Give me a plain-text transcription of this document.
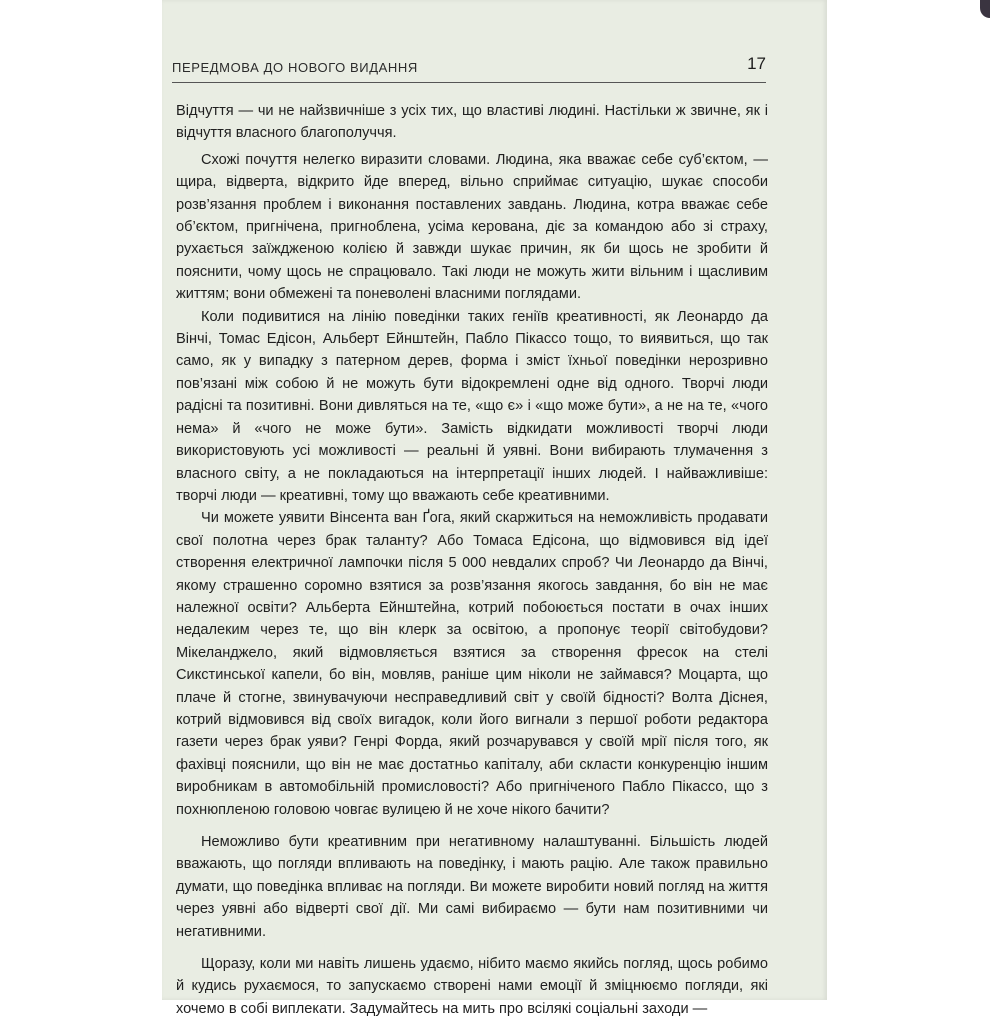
ПЕРЕДМОВА ДО НОВОГО ВИДАННЯ	17

Відчуття — чи не найзвичніше з усіх тих, що властиві людині. Настільки ж звичне, як і відчуття власного благополуччя.

Схожі почуття нелегко виразити словами. Людина, яка вважає себе суб’єктом, — щира, відверта, відкрито йде вперед, вільно сприймає ситуацію, шукає способи розв’язання проблем і виконання поставлених завдань. Людина, котра вважає себе об’єктом, пригнічена, пригноблена, усіма керована, діє за командою або зі страху, рухається заїждженою колією й завжди шукає причин, як би щось не зробити й пояснити, чому щось не спрацювало. Такі люди не можуть жити вільним і щасливим життям; вони обмежені та поневолені власними поглядами.

Коли подивитися на лінію поведінки таких геніїв креативності, як Леонардо да Вінчі, Томас Едісон, Альберт Ейнштейн, Пабло Пікассо тощо, то виявиться, що так само, як у випадку з патерном дерев, форма і зміст їхньої поведінки нерозривно пов’язані між собою й не можуть бути відокремлені одне від одного. Творчі люди радісні та позитивні. Вони дивляться на те, «що є» і «що може бути», а не на те, «чого нема» й «чого не може бути». Замість відкидати можливості творчі люди використовують усі можливості — реальні й уявні. Вони вибирають тлумачення з власного світу, а не покладаються на інтерпретації інших людей. І найважливіше: творчі люди — креативні, тому що вважають себе креативними.

Чи можете уявити Вінсента ван Ґога, який скаржиться на неможливість продавати свої полотна через брак таланту? Або Томаса Едісона, що відмовився від ідеї створення електричної лампочки після 5 000 невдалих спроб? Чи Леонардо да Вінчі, якому страшенно соромно взятися за розв’язання якогось завдання, бо він не має належної освіти? Альберта Ейнштейна, котрий побоюється постати в очах інших недалеким через те, що він клерк за освітою, а пропонує теорії світобудови? Мікеланджело, який відмовляється взятися за створення фресок на стелі Сикстинської капели, бо він, мовляв, раніше цим ніколи не займався? Моцарта, що плаче й стогне, звинувачуючи несправедливий світ у своїй бідності? Волта Діснея, котрий відмовився від своїх вигадок, коли його вигнали з першої роботи редактора газети через брак уяви? Генрі Форда, який розчарувався у своїй мрії після того, як фахівці пояснили, що він не має достатньо капіталу, аби скласти конкуренцію іншим виробникам в автомобільній промисловості? Або пригніченого Пабло Пікассо, що з похнюпленою головою човгає вулицею й не хоче нікого бачити?

Неможливо бути креативним при негативному налаштуванні. Більшість людей вважають, що погляди впливають на поведінку, і мають рацію. Але також правильно думати, що поведінка впливає на погляди. Ви можете виробити новий погляд на життя через уявні або відверті свої дії. Ми самі вибираємо — бути нам позитивними чи негативними.

Щоразу, коли ми навіть лишень удаємо, нібито маємо якийсь погляд, щось робимо й кудись рухаємося, то запускаємо створені нами емоції й зміцнюємо погляди, які хочемо в собі виплекати. Задумайтесь на мить про всілякі соціальні заходи —
